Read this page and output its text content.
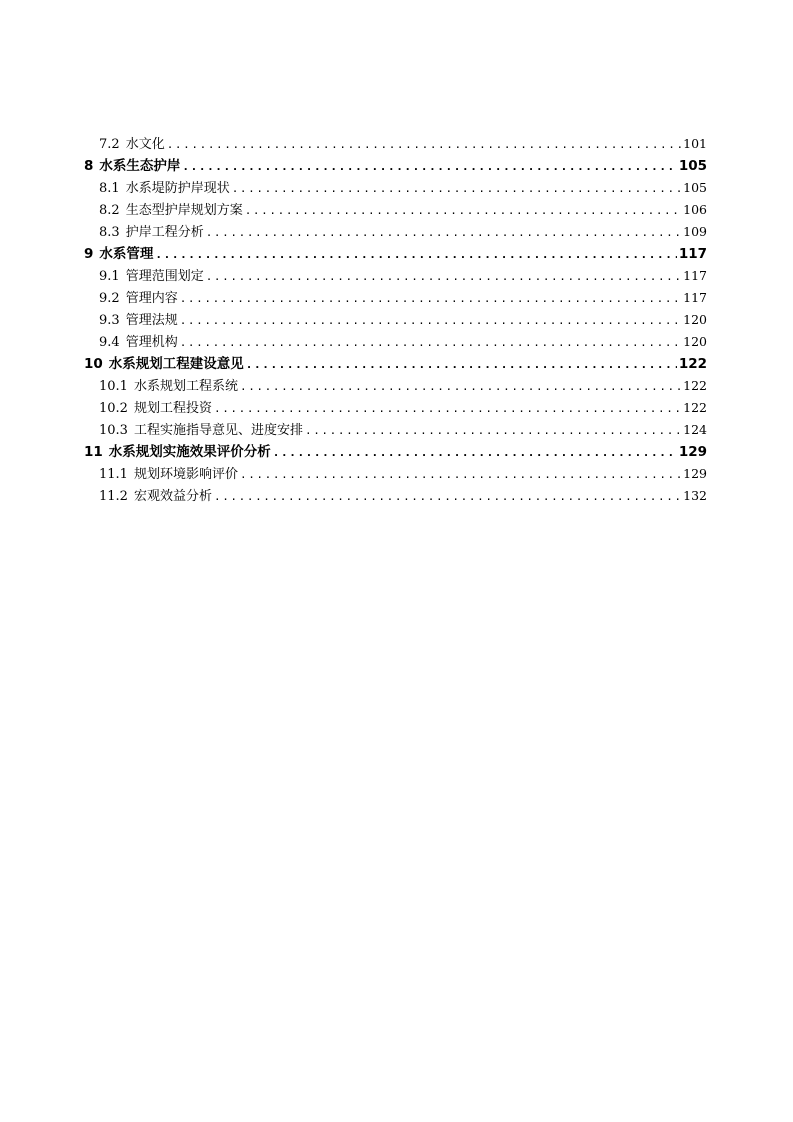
7.2 水文化 .....	101
8 水系生态护岸 .....	105
8.1 水系堤防护岸现状 .....	105
8.2 生态型护岸规划方案 .....	106
8.3 护岸工程分析 .....	109
9 水系管理 .....	117
9.1 管理范围划定 .....	117
9.2 管理内容 .....	117
9.3 管理法规 .....	120
9.4 管理机构 .....	120
10 水系规划工程建设意见 .....	122
10.1 水系规划工程系统 .....	122
10.2 规划工程投资 .....	122
10.3 工程实施指导意见、进度安排 .....	124
11 水系规划实施效果评价分析 .....	129
11.1 规划环境影响评价 .....	129
11.2 宏观效益分析 .....	132
